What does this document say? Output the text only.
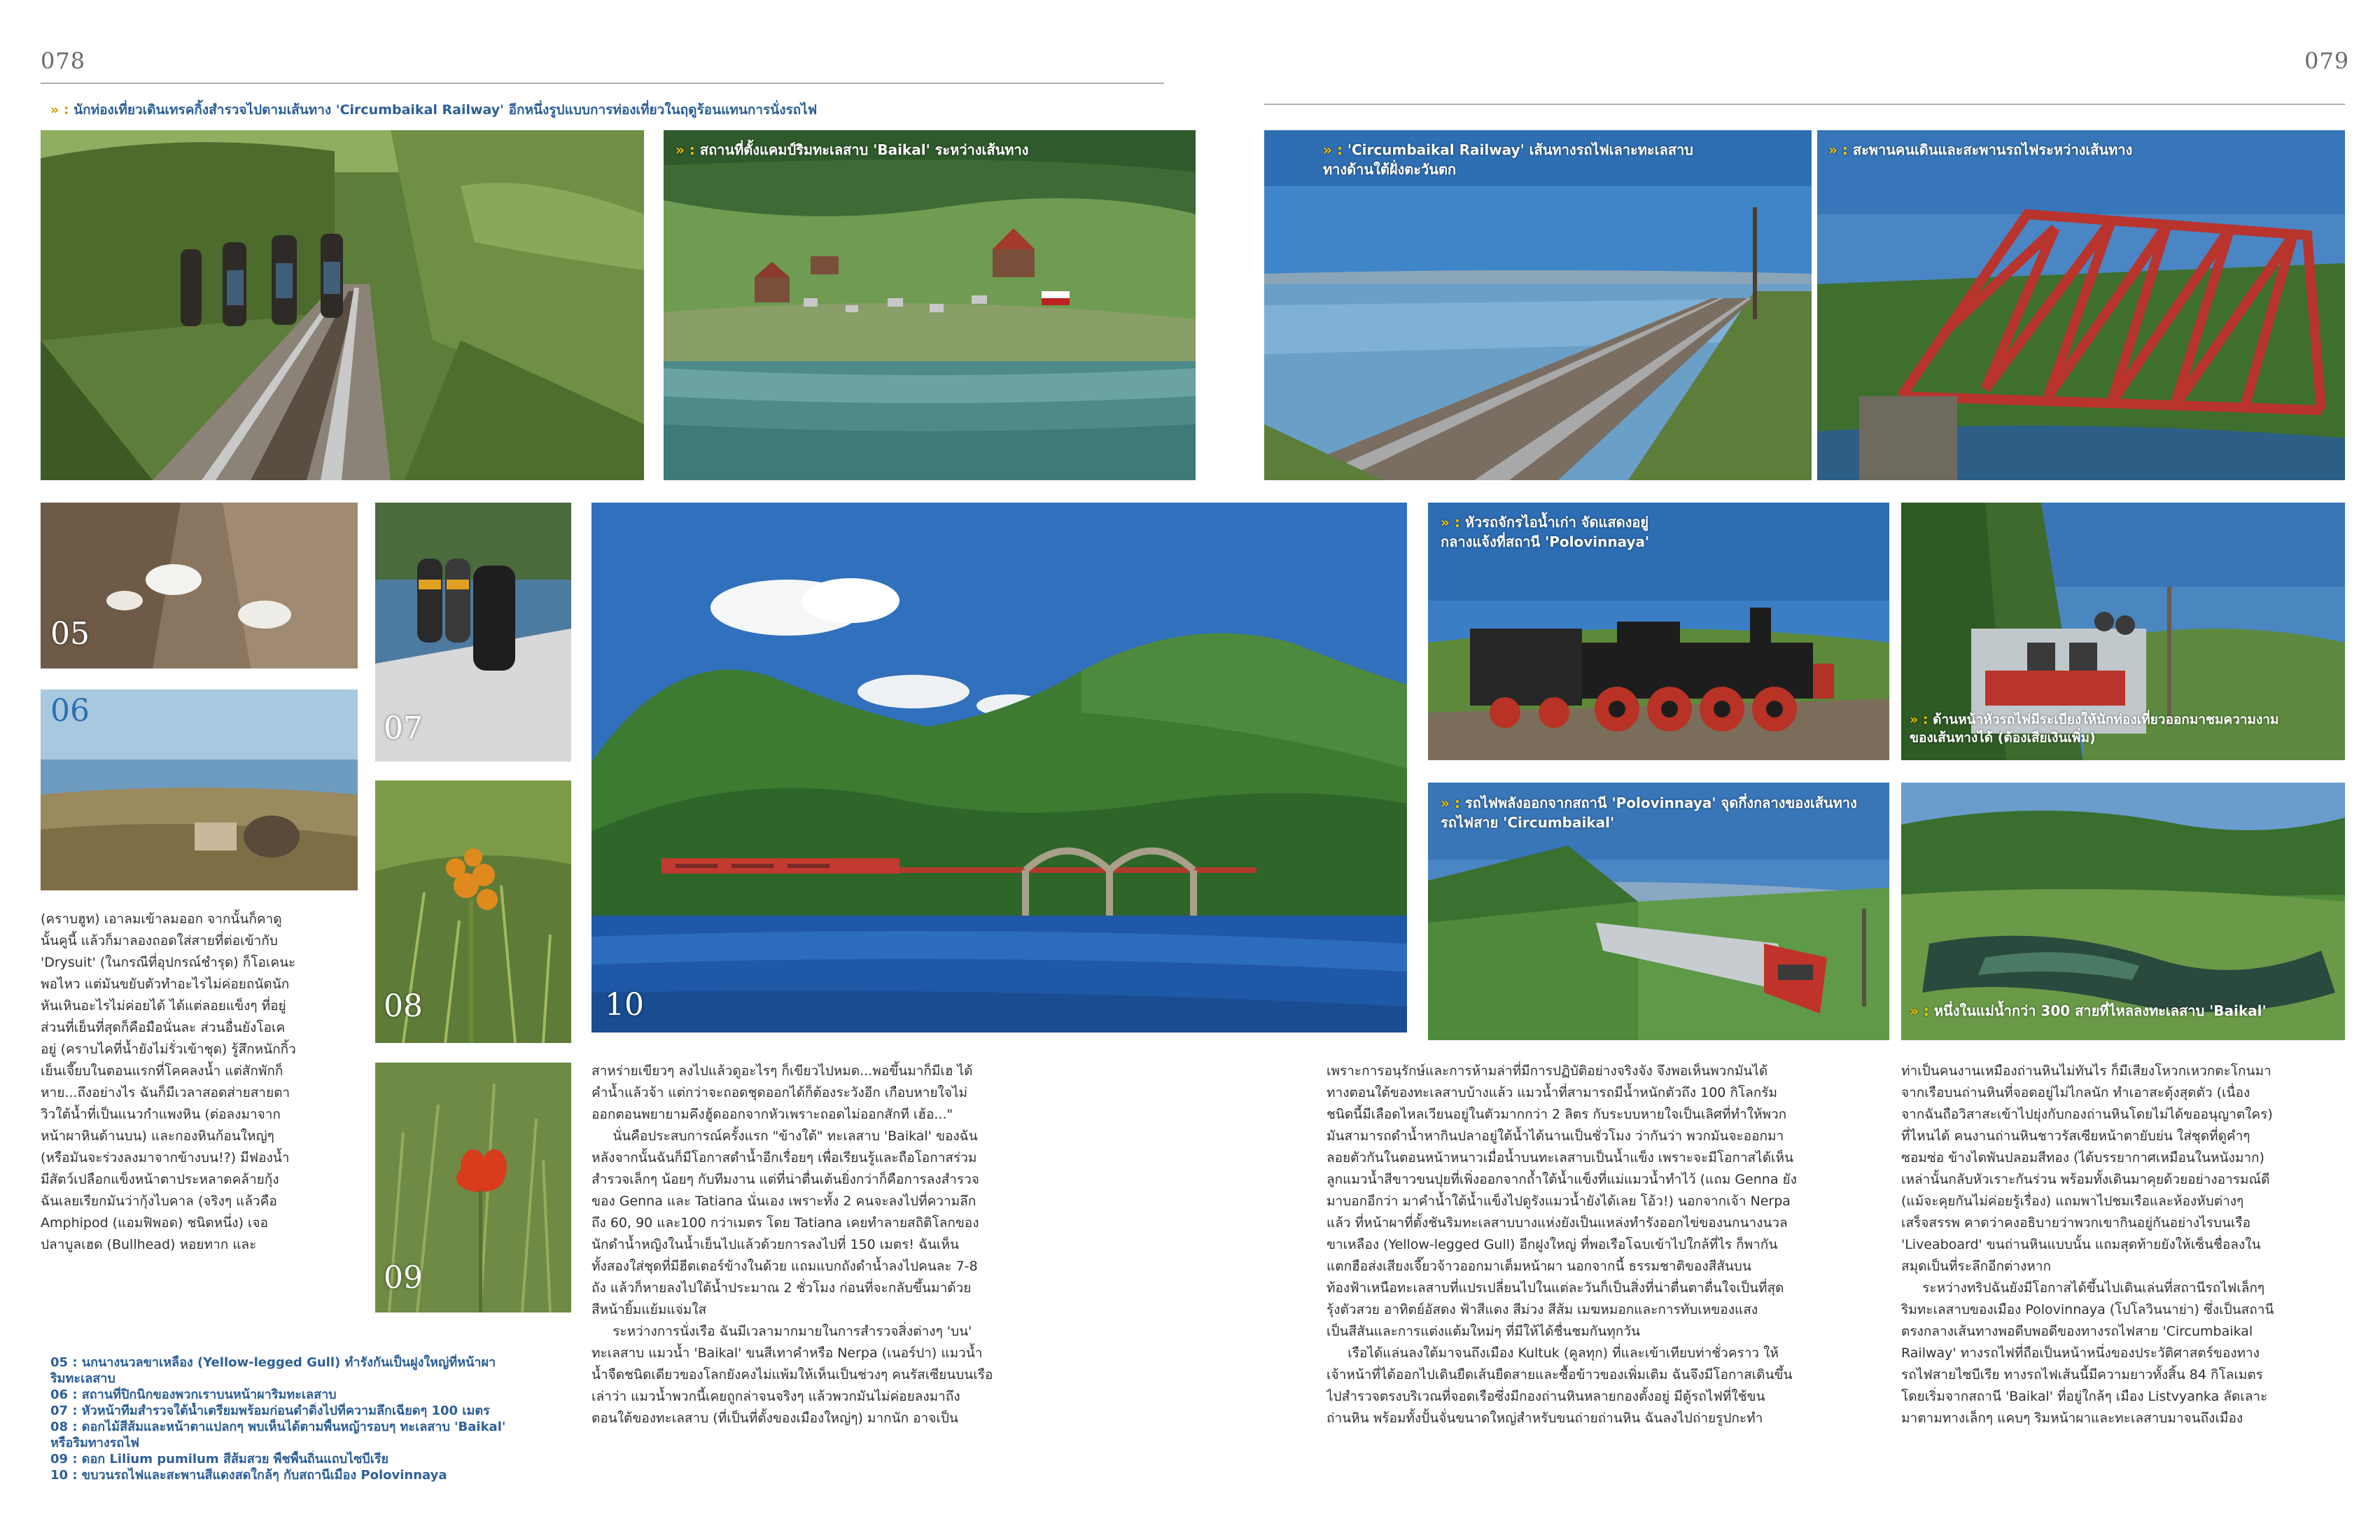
078	079
» : นักท่องเที่ยวเดินเทรคกิ้งสำรวจไปตามเส้นทาง 'Circumbaikal Railway' อีกหนึ่งรูปแบบการท่องเที่ยวในฤดูร้อนแทนการนั่งรถไฟ
» : สถานที่ตั้งแคมป์ริมทะเลสาบ 'Baikal' ระหว่างเส้นทาง	» : 'Circumbaikal Railway' เส้นทางรถไฟเลาะทะเลสาบ
ทางด้านใต้ฝั่งตะวันตก
» : สะพานคนเดินและสะพานรถไฟระหว่างเส้นทาง
05
06	07
08
09
10
» : หัวรถจักรไอน้ำเก่า จัดแสดงอยู่
กลางแจ้งที่สถานี 'Polovinnaya'
» : ด้านหน้าหัวรถไฟมีระเบียงให้นักท่องเที่ยวออกมาชมความงาม
ของเส้นทางได้ (ต้องเสียเงินเพิ่ม)
» : รถไฟพลังออกจากสถานี 'Polovinnaya' จุดกึ่งกลางของเส้นทาง
รถไฟสาย 'Circumbaikal'
» : หนึ่งในแม่น้ำกว่า 300 สายที่ไหลลงทะเลสาบ 'Baikal'
(คราบฮูท) เอาลมเข้าลมออก จากนั้นก็คาดู
นั้นคูนี้ แล้วก็มาลองถอดใส่สายที่ต่อเข้ากับ
'Drysuit' (ในกรณีที่อุปกรณ์ชำรุด) ก็โอเคนะ
พอไหว แต่มันขยับตัวทำอะไรไม่ค่อยถนัดนัก
หันเหินอะไรไม่ค่อยได้ ได้แต่ลอยแข็งๆ ที่อยู่
ส่วนที่เย็นที่สุดก็คือมือนั่นละ ส่วนอื่นยังโอเค
อยู่ (คราบไคที่น้ำยังไม่รั่วเข้าชุด) รู้สึกหนักกิ้ว
เย็นเจี๊ยบในตอนแรกที่โคคลงน้ำ แต่สักพักก็
หาย...ถึงอย่างไร ฉันก็มีเวลาสอดส่ายสายตา
วิวใต้น้ำที่เป็นแนวกำแพงหิน (ต่อลงมาจาก
หน้าผาหินด้านบน) และกองหินก้อนใหญ่ๆ
(หรือมันจะร่วงลงมาจากข้างบน!?) มีฟองน้ำ
มีสัตว์เปลือกแข็งหน้าตาประหลาดคล้ายกุ้ง
ฉันเลยเรียกมันว่ากุ้งไบคาล (จริงๆ แล้วคือ
Amphipod (แอมฟิพอด) ชนิดหนึ่ง) เจอ
ปลาบูลเฮด (Bullhead) หอยทาก และ
05 : นกนางนวลขาเหลือง (Yellow-legged Gull) ทำรังกันเป็นฝูงใหญ่ที่หน้าผา
ริมทะเลสาบ
06 : สถานที่ปิกนิกของพวกเราบนหน้าผาริมทะเลสาบ
07 : หัวหน้าทีมสำรวจใต้น้ำเตรียมพร้อมก่อนดำดิ่งไปที่ความลึกเฉียดๆ 100 เมตร
08 : ดอกไม้สีส้มและหน้าตาแปลกๆ พบเห็นได้ตามพื้นหญ้ารอบๆ ทะเลสาบ 'Baikal'
หรือริมทางรถไฟ
09 : ดอก Lilium pumilum สีส้มสวย พืชพื้นถิ่นแถบไซบีเรีย
10 : ขบวนรถไฟและสะพานสีแดงสดใกล้ๆ กับสถานีเมือง Polovinnaya
สาหร่ายเขียวๆ ลงไปแล้วดูอะไรๆ ก็เขียวไปหมด...พอขึ้นมาก็มีเฮ ได้
คำน้ำแล้วจ้า แต่กว่าจะถอดชุดออกได้ก็ต้องระวังอีก เกือบหายใจไม่
ออกตอนพยายามคึงฮู้ดออกจากหัวเพราะถอดไม่ออกสักที เฮ้อ..."
นั่นคือประสบการณ์ครั้งแรก "ข้างใต้" ทะเลสาบ 'Baikal' ของฉัน
หลังจากนั้นฉันก็มีโอกาสดำน้ำอีกเรื่อยๆ เพื่อเรียนรู้และถือโอกาสร่วม
สำรวจเล็กๆ น้อยๆ กับทีมงาน แต่ที่น่าตื่นเต้นยิ่งกว่าก็คือการลงสำรวจ
ของ Genna และ Tatiana นั่นเอง เพราะทั้ง 2 คนจะลงไปที่ความลึก
ถึง 60, 90 และ100 กว่าเมตร โดย Tatiana เคยทำลายสถิติโลกของ
นักดำน้ำหญิงในน้ำเย็นไปแล้วด้วยการลงไปที่ 150 เมตร! ฉันเห็น
ทั้งสองใส่ชุดที่มีฮีตเตอร์ข้างในด้วย แถมแบกถังดำน้ำลงไปคนละ 7-8
ถัง แล้วก็หายลงไปใต้น้ำประมาณ 2 ชั่วโมง ก่อนที่จะกลับขึ้นมาด้วย
สีหน้ายิ้มแย้มแจ่มใส
ระหว่างการนั่งเรือ ฉันมีเวลามากมายในการสำรวจสิ่งต่างๆ 'บน'
ทะเลสาบ แมวน้ำ 'Baikal' ขนสีเทาคำหรือ Nerpa (เนอร์ปา) แมวน้ำ
น้ำจืดชนิดเดียวของโลกยังคงไม่แพ้มให้เห็นเป็นช่วงๆ คนรัสเซียนบนเรือ
เล่าว่า แมวน้ำพวกนี้เคยถูกล่าจนจริงๆ แล้วพวกมันไม่ค่อยลงมาถึง
ตอนใต้ของทะเลสาบ (ที่เป็นที่ตั้งของเมืองใหญ่ๆ) มากนัก อาจเป็น
เพราะการอนุรักษ์และการห้ามล่าที่มีการปฏิบัติอย่างจริงจัง จึงพอเห็นพวกมันได้
ทางตอนใต้ของทะเลสาบบ้างแล้ว แมวน้ำที่สามารถมีน้ำหนักตัวถึง 100 กิโลกรัม
ชนิดนี้มีเลือดไหลเวียนอยู่ในตัวมากกว่า 2 ลิตร กับระบบหายใจเป็นเลิศที่ทำให้พวก
มันสามารถดำน้ำหากินปลาอยู่ใต้น้ำได้นานเป็นชั่วโมง ว่ากันว่า พวกมันจะออกมา
ลอยตัวกันในตอนหน้าหนาวเมื่อน้ำบนทะเลสาบเป็นน้ำแข็ง เพราะจะมีโอกาสได้เห็น
ลูกแมวน้ำสีขาวขนปุยที่เพิ่งออกจากถ้ำใต้น้ำแข็งที่แม่แมวน้ำทำไว้ (แถม Genna ยัง
มาบอกอีกว่า มาคำน้ำใต้น้ำแข็งไปดูรังแมวน้ำยังได้เลย โอ้ว!) นอกจากเจ้า Nerpa
แล้ว ที่หน้าผาที่ตั้งชันริมทะเลสาบบางแห่งยังเป็นแหล่งทำรังออกไข่ของนกนางนวล
ขาเหลือง (Yellow-legged Gull) อีกฝูงใหญ่ ที่พอเรือโฉบเข้าไปใกล้ที่ไร ก็พากัน
แตกฮือส่งเสียงเจี๊ยวจ้าวออกมาเต็มหน้าผา นอกจากนี้ ธรรมชาติของสีสันบน
ท้องฟ้าเหนือทะเลสาบที่แปรเปลี่ยนไปในแต่ละวันก็เป็นสิ่งที่น่าตื่นตาตื่นใจเป็นที่สุด
รุ้งตัวสวย อาทิตย์อัสดง ฟ้าสีแดง สีม่วง สีส้ม เมฆหมอกและการทับเหของแสง
เป็นสีสันและการแต่งแต้มใหม่ๆ ที่มีให้ได้ชื่นชมกันทุกวัน
เรือได้แล่นลงใต้มาจนถึงเมือง Kultuk (คูลทุก) ที่และเข้าเทียบท่าชั่วคราว ให้
เจ้าหน้าที่ได้ออกไปเดินยืดเส้นยืดสายและซื้อข้าวของเพิ่มเติม ฉันจึงมีโอกาสเดินขึ้น
ไปสำรวจตรงบริเวณที่จอดเรือซึ่งมีกองถ่านหินหลายกองตั้งอยู่ มีตู้รถไฟที่ใช้ขน
ถ่านหิน พร้อมทั้งปั้นจั่นขนาดใหญ่สำหรับขนถ่ายถ่านหิน ฉันลงไปถ่ายรูปกะทำ
ท่าเป็นคนงานเหมืองถ่านหินไม่ทันไร ก็มีเสียงโหวกเหวกตะโกนมา
จากเรือบนถ่านหินที่จอดอยู่ไม่ไกลนัก ทำเอาสะดุ้งสุดตัว (เนื่อง
จากฉันถือวิสาสะเข้าไปยุ่งกับกองถ่านหินโดยไม่ได้ขออนุญาตใคร)
ที่ไหนได้ คนงานถ่านหินชาวรัสเซียหน้าตายับย่น ใส่ชุดที่ดูคำๆ
ซอมซ่อ ข้างไดพันปลอมสีทอง (ได้บรรยากาศเหมือนในหนังมาก)
เหล่านั้นกลับหัวเราะกันร่วน พร้อมทั้งเดินมาคุยด้วยอย่างอารมณ์ดี
(แม้จะคุยกันไม่ค่อยรู้เรื่อง) แถมพาไปชมเรือและห้องหับต่างๆ
เสร็จสรรพ คาดว่าคงอธิบายว่าพวกเขากินอยู่กันอย่างไรบนเรือ
'Liveaboard' ขนถ่านหินแบบนั้น แถมสุดท้ายยังให้เซ็นชื่อลงใน
สมุดเป็นที่ระลึกอีกต่างหาก
ระหว่างทริปฉันยังมีโอกาสได้ขึ้นไปเดินเล่นที่สถานีรถไฟเล็กๆ
ริมทะเลสาบของเมือง Polovinnaya (โปโลวินนาย่า) ซึ่งเป็นสถานี
ตรงกลางเส้นทางพอดีบพอดีของทางรถไฟสาย 'Circumbaikal
Railway' ทางรถไฟที่ถือเป็นหน้าหนึ่งของประวัติศาสตร์ของทาง
รถไฟสายไซบีเรีย ทางรถไฟเส้นนี้มีความยาวทั้งสิ้น 84 กิโลเมตร
โดยเริ่มจากสถานี 'Baikal' ที่อยู่ใกล้ๆ เมือง Listvyanka ลัดเลาะ
มาตามทางเล็กๆ แคบๆ ริมหน้าผาและทะเลสาบมาจนถึงเมือง
